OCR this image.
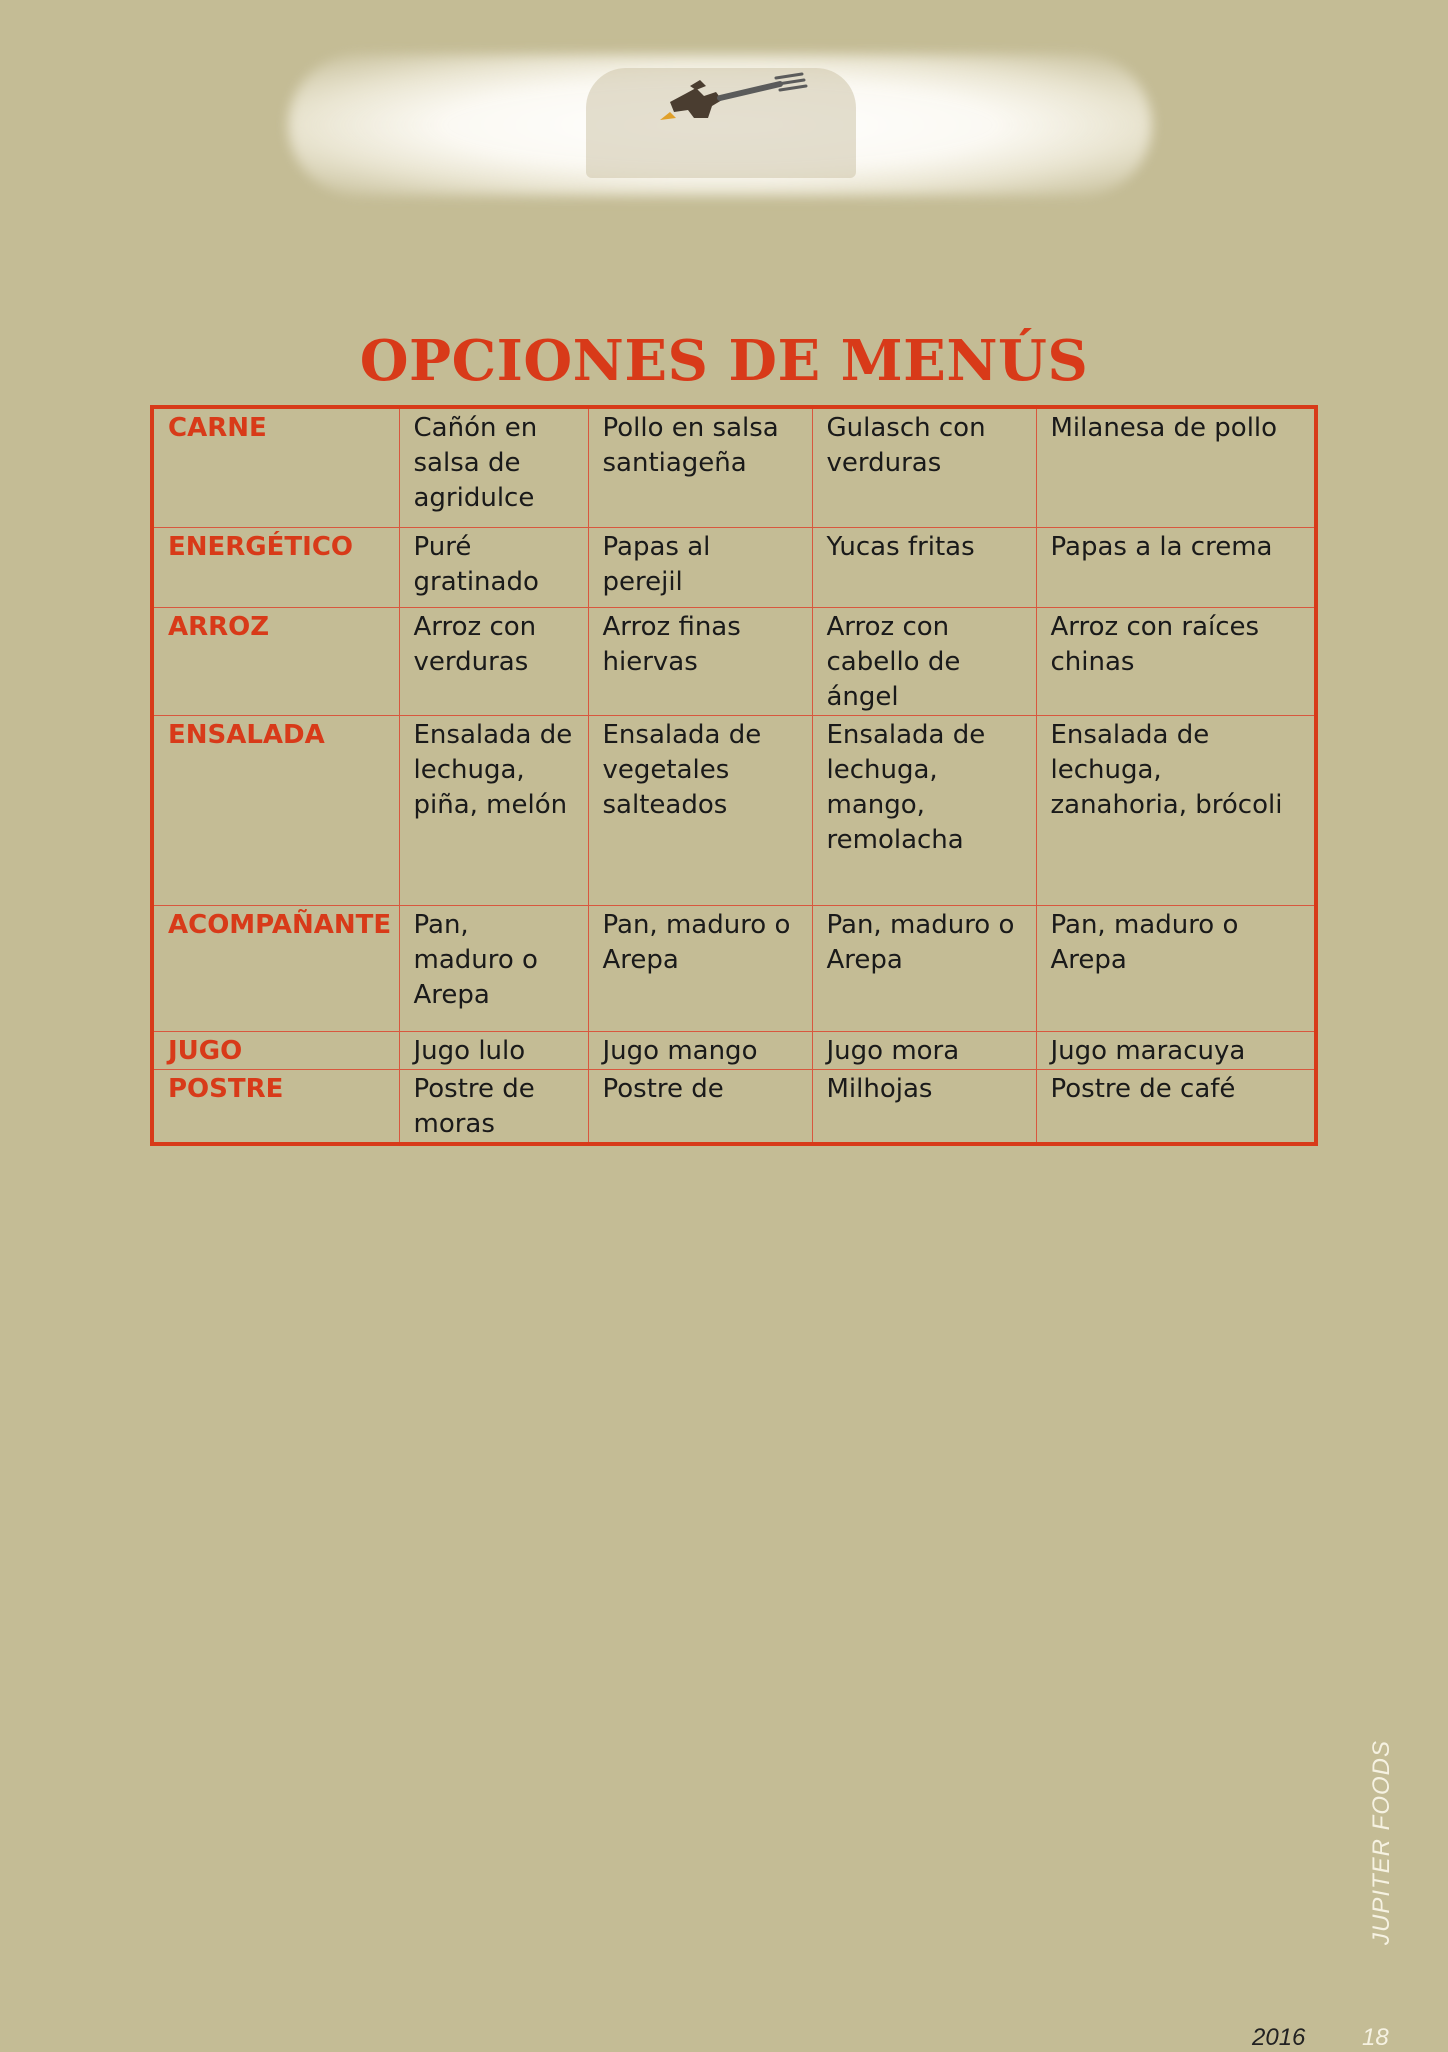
OPCIONES DE MENÚS
CARNE	Cañón en salsa de agridulce	Pollo en salsa santiageña	Gulasch con verduras	Milanesa de pollo
ENERGÉTICO	Puré gratinado	Papas al perejil	Yucas fritas	Papas a la crema
ARROZ	Arroz con verduras	Arroz finas hiervas	Arroz con cabello de ángel	Arroz con raíces chinas
ENSALADA	Ensalada de lechuga, piña, melón	Ensalada de vegetales salteados	Ensalada de lechuga, mango, remolacha	Ensalada de lechuga, zanahoria, brócoli
ACOMPAÑANTE	Pan, maduro o Arepa	Pan, maduro o Arepa	Pan, maduro o Arepa	Pan, maduro o Arepa
JUGO	Jugo lulo	Jugo mango	Jugo mora	Jugo maracuya
POSTRE	Postre de moras	Postre de	Milhojas	Postre de café
JUPITER FOODS
2016 18
